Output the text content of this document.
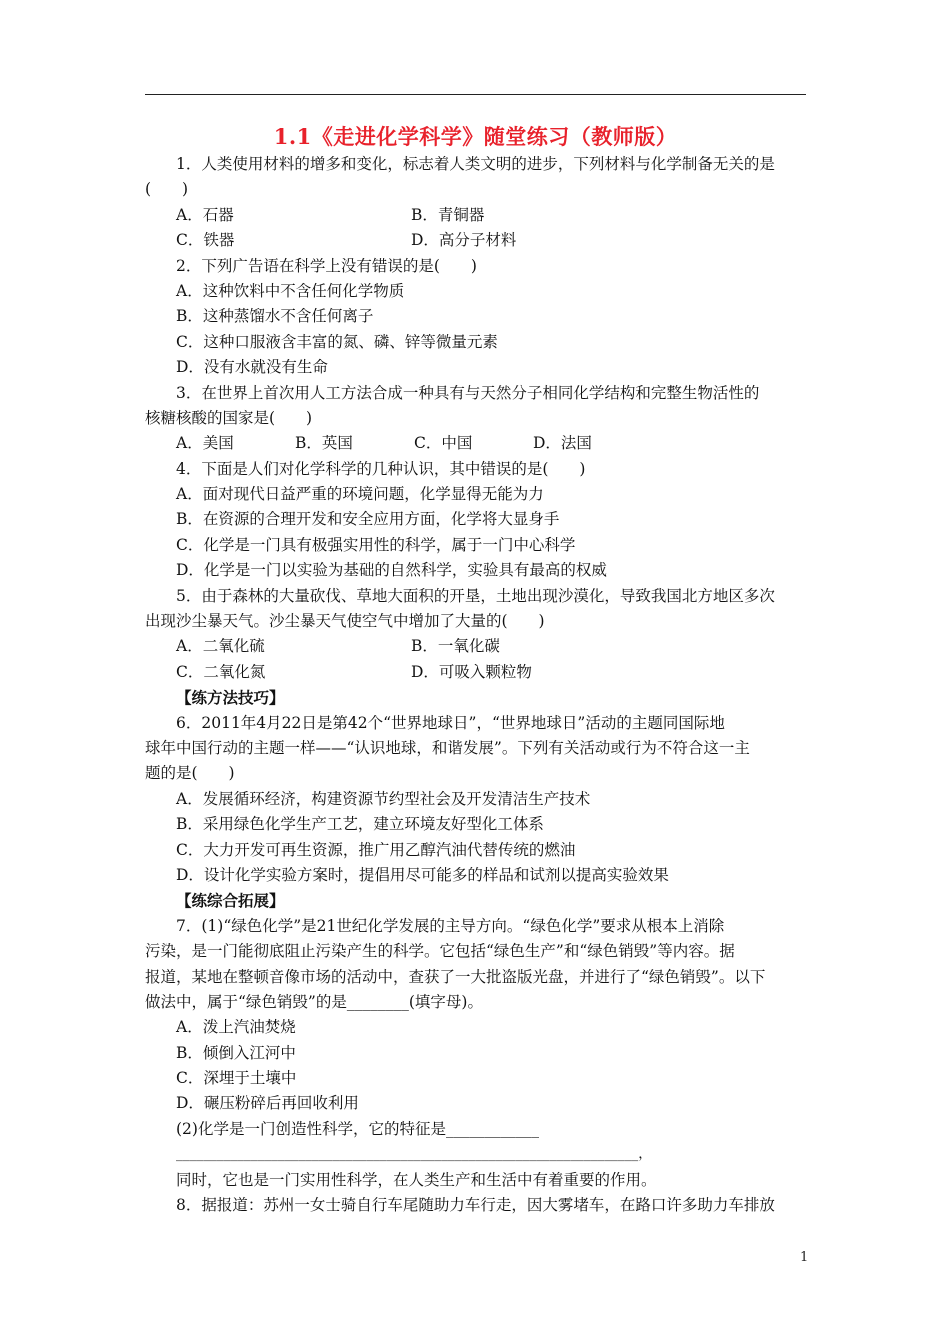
1.1《走进化学科学》随堂练习（教师版）
1．人类使用材料的增多和变化，标志着人类文明的进步，下列材料与化学制备无关的是
(　　)
A．石器	B．青铜器
C．铁器	D．高分子材料
2．下列广告语在科学上没有错误的是(　　)
A．这种饮料中不含任何化学物质
B．这种蒸馏水不含任何离子
C．这种口服液含丰富的氮、磷、锌等微量元素
D．没有水就没有生命
3．在世界上首次用人工方法合成一种具有与天然分子相同化学结构和完整生物活性的
核糖核酸的国家是(　　)
A．美国	B．英国	C．中国	D．法国
4．下面是人们对化学科学的几种认识，其中错误的是(　　)
A．面对现代日益严重的环境问题，化学显得无能为力
B．在资源的合理开发和安全应用方面，化学将大显身手
C．化学是一门具有极强实用性的科学，属于一门中心科学
D．化学是一门以实验为基础的自然科学，实验具有最高的权威
5．由于森林的大量砍伐、草地大面积的开垦，土地出现沙漠化，导致我国北方地区多次
出现沙尘暴天气。沙尘暴天气使空气中增加了大量的(　　)
A．二氧化硫	B．一氧化碳
C．二氧化氮	D．可吸入颗粒物
【练方法技巧】
6．2011年4月22日是第42个“世界地球日”，“世界地球日”活动的主题同国际地
球年中国行动的主题一样——“认识地球，和谐发展”。下列有关活动或行为不符合这一主
题的是(　　)
A．发展循环经济，构建资源节约型社会及开发清洁生产技术
B．采用绿色化学生产工艺，建立环境友好型化工体系
C．大力开发可再生资源，推广用乙醇汽油代替传统的燃油
D．设计化学实验方案时，提倡用尽可能多的样品和试剂以提高实验效果
【练综合拓展】
7．(1)“绿色化学”是21世纪化学发展的主导方向。“绿色化学”要求从根本上消除
污染，是一门能彻底阻止污染产生的科学。它包括“绿色生产”和“绿色销毁”等内容。据
报道，某地在整顿音像市场的活动中，查获了一大批盗版光盘，并进行了“绿色销毁”。以下
做法中，属于“绿色销毁”的是________(填字母)。
A．泼上汽油焚烧
B．倾倒入江河中
C．深埋于土壤中
D．碾压粉碎后再回收利用
(2)化学是一门创造性科学，它的特征是____________
____________________________________________________________________，
同时，它也是一门实用性科学，在人类生产和生活中有着重要的作用。
8．据报道：苏州一女士骑自行车尾随助力车行走，因大雾堵车，在路口许多助力车排放
1
